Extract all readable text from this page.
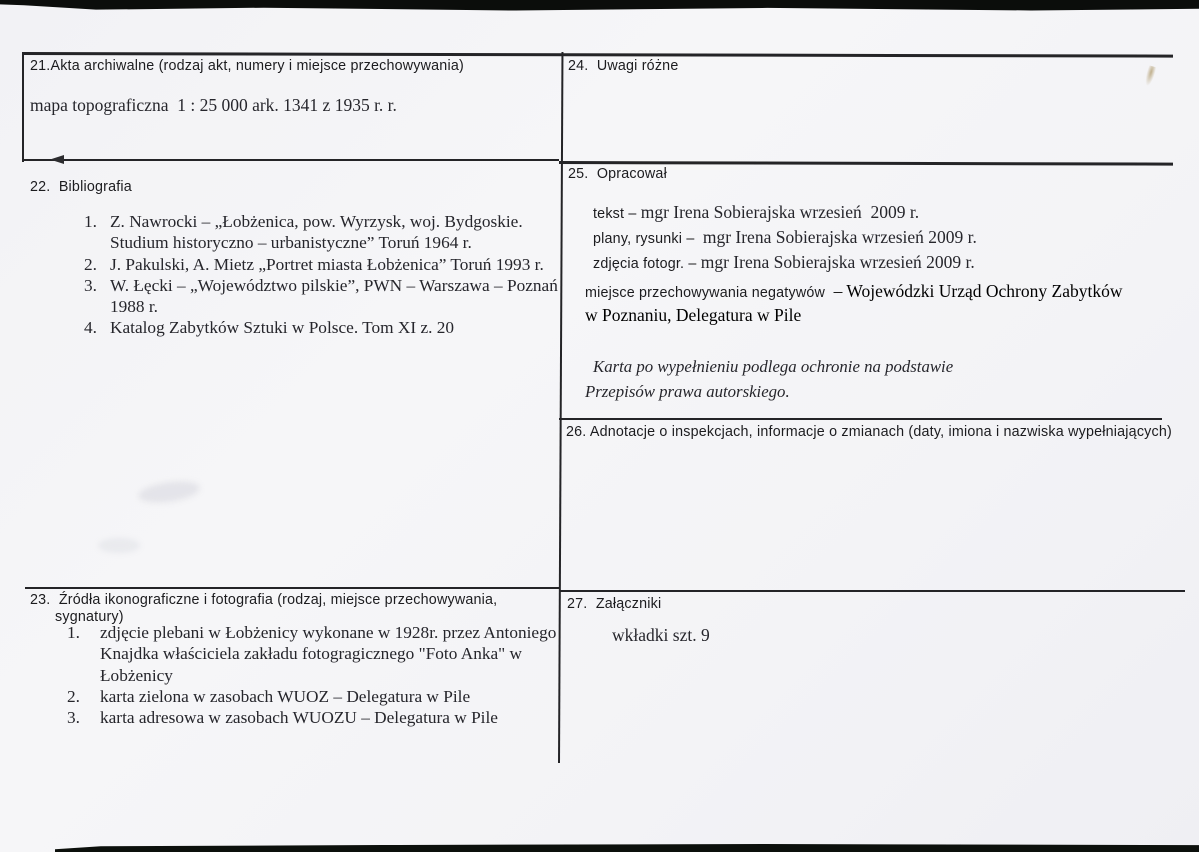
21.Akta archiwalne (rodzaj akt, numery i miejsce przechowywania)
mapa topograficzna  1 : 25 000 ark. 1341 z 1935 r. r.
22.  Bibliografia
1. Z. Nawrocki – „Łobżenica, pow. Wyrzysk, woj. Bydgoskie.
Studium historyczno – urbanistyczne” Toruń 1964 r.
2. J. Pakulski, A. Mietz „Portret miasta Łobżenica” Toruń 1993 r.
3. W. Łęcki – „Województwo pilskie”, PWN – Warszawa – Poznań
1988 r.
4. Katalog Zabytków Sztuki w Polsce. Tom XI z. 20
23.  Źródła ikonograficzne i fotografia (rodzaj, miejsce przechowywania,
sygnatury)
1.	zdjęcie plebani w Łobżenicy wykonane w 1928r. przez Antoniego
Knajdka właściciela zakładu fotogragicznego "Foto Anka" w
Łobżenicy
2.	karta zielona w zasobach WUOZ – Delegatura w Pile
3.	karta adresowa w zasobach WUOZU – Delegatura w Pile
24.  Uwagi różne
25.  Opracował
tekst – mgr Irena Sobierajska wrzesień  2009 r.
plany, rysunki –  mgr Irena Sobierajska wrzesień 2009 r.
zdjęcia fotogr. – mgr Irena Sobierajska wrzesień 2009 r.
miejsce przechowywania negatywów  – Wojewódzki Urząd Ochrony Zabytków
w Poznaniu, Delegatura w Pile
Karta po wypełnieniu podlega ochronie na podstawie
Przepisów prawa autorskiego.
26. Adnotacje o inspekcjach, informacje o zmianach (daty, imiona i nazwiska wypełniających)
27.  Załączniki
wkładki szt. 9
